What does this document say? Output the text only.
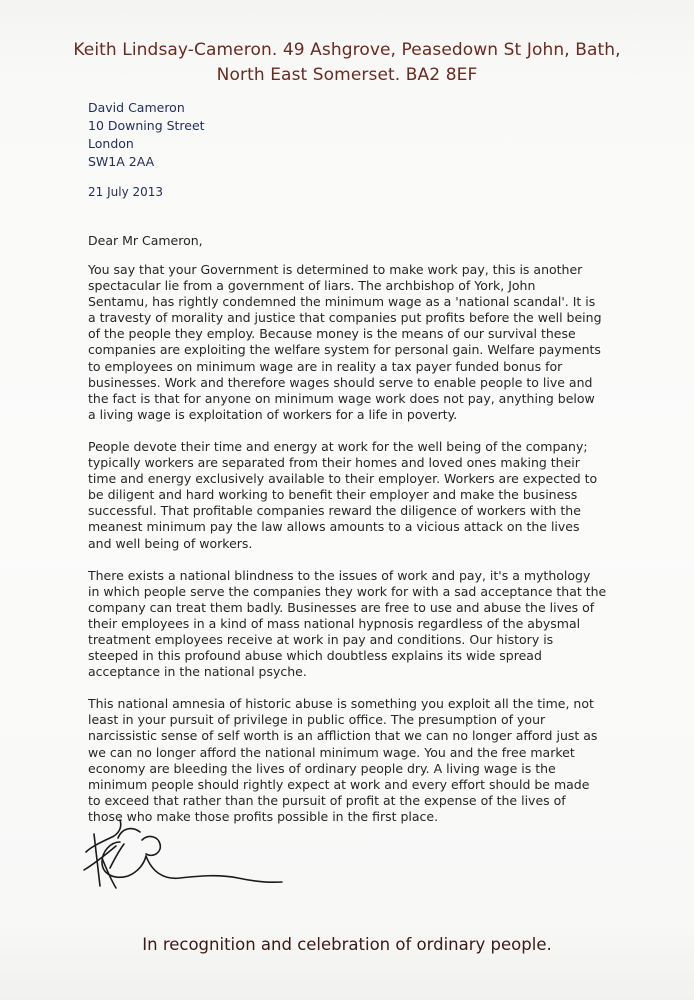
Keith Lindsay-Cameron. 49 Ashgrove, Peasedown St John, Bath,
North East Somerset. BA2 8EF
David Cameron
10 Downing Street
London
SW1A 2AA
21 July 2013
Dear Mr Cameron,
You say that your Government is determined to make work pay, this is another
spectacular lie from a government of liars. The archbishop of York, John
Sentamu, has rightly condemned the minimum wage as a 'national scandal'. It is
a travesty of morality and justice that companies put profits before the well being
of the people they employ. Because money is the means of our survival these
companies are exploiting the welfare system for personal gain. Welfare payments
to employees on minimum wage are in reality a tax payer funded bonus for
businesses. Work and therefore wages should serve to enable people to live and
the fact is that for anyone on minimum wage work does not pay, anything below
a living wage is exploitation of workers for a life in poverty.
People devote their time and energy at work for the well being of the company;
typically workers are separated from their homes and loved ones making their
time and energy exclusively available to their employer. Workers are expected to
be diligent and hard working to benefit their employer and make the business
successful. That profitable companies reward the diligence of workers with the
meanest minimum pay the law allows amounts to a vicious attack on the lives
and well being of workers.
There exists a national blindness to the issues of work and pay, it's a mythology
in which people serve the companies they work for with a sad acceptance that the
company can treat them badly. Businesses are free to use and abuse the lives of
their employees in a kind of mass national hypnosis regardless of the abysmal
treatment employees receive at work in pay and conditions. Our history is
steeped in this profound abuse which doubtless explains its wide spread
acceptance in the national psyche.
This national amnesia of historic abuse is something you exploit all the time, not
least in your pursuit of privilege in public office. The presumption of your
narcissistic sense of self worth is an affliction that we can no longer afford just as
we can no longer afford the national minimum wage. You and the free market
economy are bleeding the lives of ordinary people dry. A living wage is the
minimum people should rightly expect at work and every effort should be made
to exceed that rather than the pursuit of profit at the expense of the lives of
those who make those profits possible in the first place.
In recognition and celebration of ordinary people.
